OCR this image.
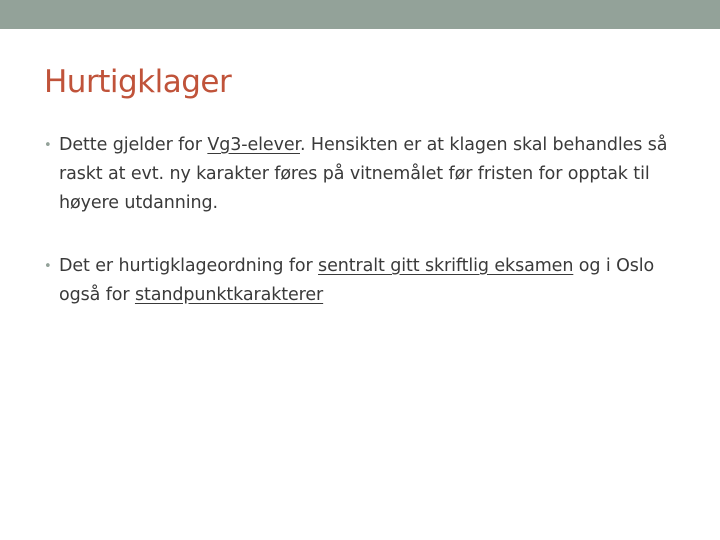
Hurtigklager
• Dette gjelder for Vg3-elever. Hensikten er at klagen skal behandles så raskt at evt. ny karakter føres på vitnemålet før fristen for opptak til høyere utdanning.
• Det er hurtigklageordning for sentralt gitt skriftlig eksamen og i Oslo også for standpunktkarakterer
